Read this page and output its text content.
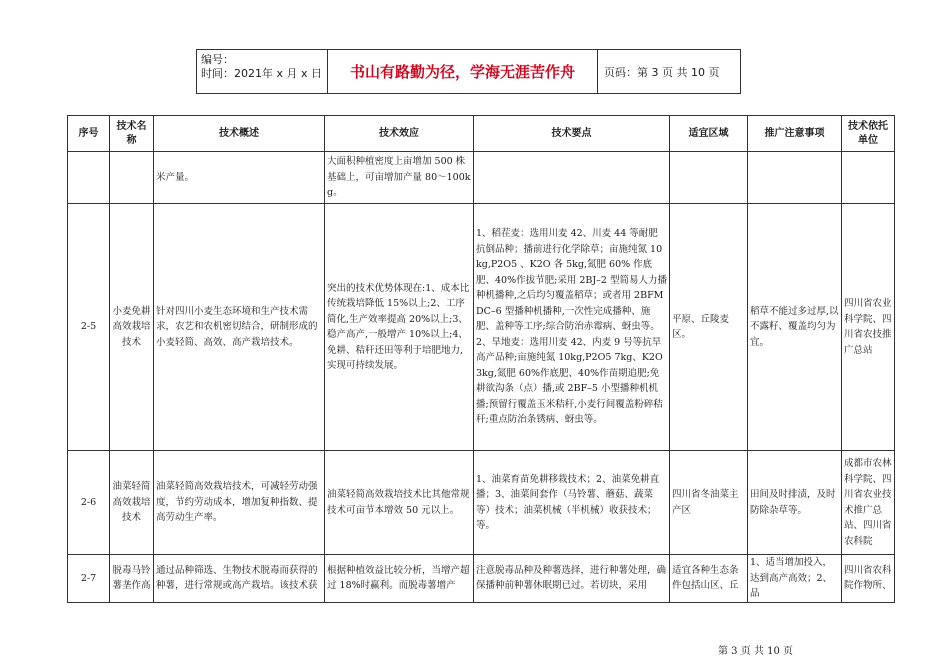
编号：
时间：2021年 x 月 x 日	书山有路勤为径，学海无涯苦作舟	页码：第 3 页 共 10 页
序号	技术名称	技术概述	技术效应	技术要点	适宜区域	推广注意事项	技术依托单位
		米产量。	大面积种植密度上亩增加 500 株基础上，可亩增加产量 80～100kg。				
2-5	小麦免耕高效栽培技术	针对四川小麦生态环境和生产技术需求，农艺和农机密切结合，研制形成的小麦轻简、高效、高产栽培技术。	突出的技术优势体现在:1、成本比传统栽培降低 15%以上;2、工序简化,生产效率提高 20%以上;3、稳产高产,一般增产 10%以上;4、免耕、秸秆还田等利于培肥地力,实现可持续发展。	1、稻茬麦：选用川麦 42、川麦 44 等耐肥抗倒品种；播前进行化学除草；亩施纯氮 10kg,P2O5 、K2O 各 5kg,氮肥 60% 作底肥、40%作拔节肥;采用 2BJ–2 型简易人力播种机播种,之后均匀覆盖稻草；或者用 2BFMDC–6 型播种机播种,一次性完成播种、施肥、盖种等工序;综合防治赤霉病、蚜虫等。2、旱地麦：选用川麦 42、内麦 9 号等抗旱高产品种;亩施纯氮 10kg,P2O5 7kg、K2O 3kg,氮肥 60%作底肥、40%作苗期追肥;免耕欲沟条（点）播,或 2BF–5 小型播种机机播;预留行覆盖玉米秸秆,小麦行间覆盖粉碎秸秆;重点防治条锈病、蚜虫等。	平原、丘陵麦区。	稻草不能过多过厚,以不露籽、覆盖均匀为宜。	四川省农业科学院、四川省农技推广总站
2-6	油菜轻简高效栽培技术	油菜轻简高效栽培技术，可减轻劳动强度，节约劳动成本，增加复种指数、提高劳动生产率。	油菜轻简高效栽培技术比其他常规技术可亩节本增效 50 元以上。	1、油菜育苗免耕移栽技术；2、油菜免耕直播；3、油菜间套作（马铃薯、蘑菇、蔬菜等）技术；油菜机械（半机械）收获技术；等。	四川省冬油菜主产区	田间及时排渍，及时防除杂草等。	成都市农林科学院、四川省农业技术推广总站、四川省农科院
2-7	脱毒马铃薯垄作高	通过品种筛选、生物技术脱毒而获得的种薯，进行常规或高产栽培。该技术获	根据种植效益比较分析，当增产超过 18%时赢利。而脱毒薯增产	注意脱毒品种及种薯选择，进行种薯处理，确保播种前种薯休眠期已过。若切块，采用	适宜各种生态条件包括山区、丘	1、适当增加投入，达到高产高效；2、品	四川省农科院作物所、
第 3 页 共 10 页
